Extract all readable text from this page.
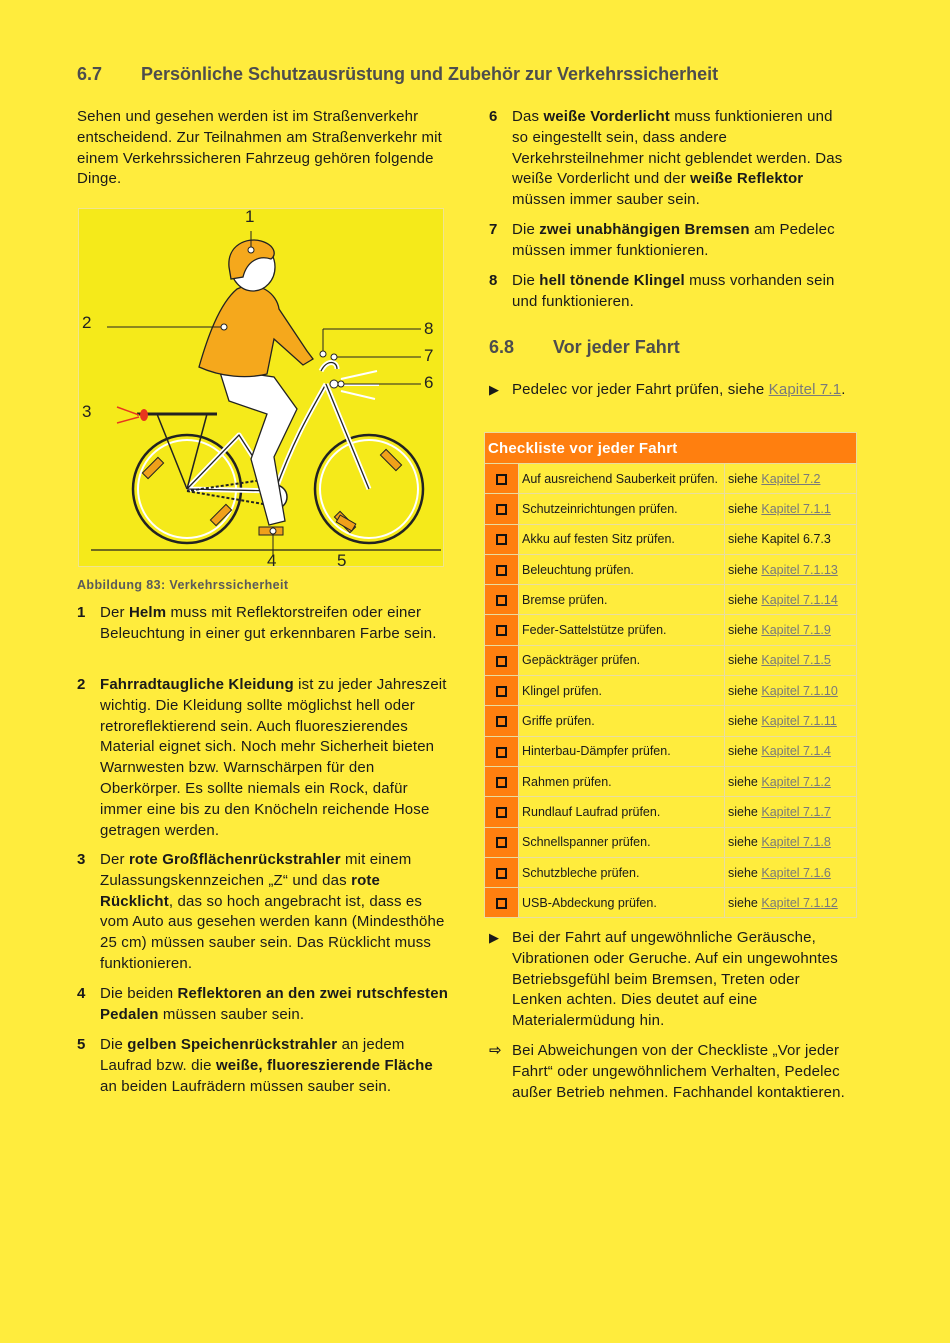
6.7 Persönliche Schutzausrüstung und Zubehör zur Verkehrssicherheit
Sehen und gesehen werden ist im Straßenverkehr entscheidend. Zur Teilnahmen am Straßenverkehr mit einem Verkehrssicheren Fahrzeug gehören folgende Dinge.
1
2
3
4	5
6
7
8
Abbildung 83: Verkehrssicherheit
1 Der Helm muss mit Reflektorstreifen oder einer Beleuchtung in einer gut erkennbaren Farbe sein.
2 Fahrradtaugliche Kleidung ist zu jeder Jahreszeit wichtig. Die Kleidung sollte möglichst hell oder retroreflektierend sein. Auch fluoreszierendes Material eignet sich. Noch mehr Sicherheit bieten Warnwesten bzw. Warnschärpen für den Oberkörper. Es sollte niemals ein Rock, dafür immer eine bis zu den Knöcheln reichende Hose getragen werden.
3 Der rote Großflächenrückstrahler mit einem Zulassungskennzeichen „Z“ und das rote Rücklicht, das so hoch angebracht ist, dass es vom Auto aus gesehen werden kann (Mindesthöhe 25 cm) müssen sauber sein. Das Rücklicht muss funktionieren.
4 Die beiden Reflektoren an den zwei rutschfesten Pedalen müssen sauber sein.
5 Die gelben Speichenrückstrahler an jedem Laufrad bzw. die weiße, fluoreszierende Fläche an beiden Laufrädern müssen sauber sein.
6 Das weiße Vorderlicht muss funktionieren und so eingestellt sein, dass andere Verkehrsteilnehmer nicht geblendet werden. Das weiße Vorderlicht und der weiße Reflektor müssen immer sauber sein.
7 Die zwei unabhängigen Bremsen am Pedelec müssen immer funktionieren.
8 Die hell tönende Klingel muss vorhanden sein und funktionieren.
6.8 Vor jeder Fahrt
▶ Pedelec vor jeder Fahrt prüfen, siehe Kapitel 7.1.
Checkliste vor jeder Fahrt		
	Auf ausreichend Sauberkeit prüfen.	siehe Kapitel 7.2
	Schutzeinrichtungen prüfen.	siehe Kapitel 7.1.1
	Akku auf festen Sitz prüfen.	siehe Kapitel 6.7.3
	Beleuchtung prüfen.	siehe Kapitel 7.1.13
	Bremse prüfen.	siehe Kapitel 7.1.14
	Feder-Sattelstütze prüfen.	siehe Kapitel 7.1.9
	Gepäckträger prüfen.	siehe Kapitel 7.1.5
	Klingel prüfen.	siehe Kapitel 7.1.10
	Griffe prüfen.	siehe Kapitel 7.1.11
	Hinterbau-Dämpfer prüfen.	siehe Kapitel 7.1.4
	Rahmen prüfen.	siehe Kapitel 7.1.2
	Rundlauf Laufrad prüfen.	siehe Kapitel 7.1.7
	Schnellspanner prüfen.	siehe Kapitel 7.1.8
	Schutzbleche prüfen.	siehe Kapitel 7.1.6
	USB-Abdeckung prüfen.	siehe Kapitel 7.1.12
▶ Bei der Fahrt auf ungewöhnliche Geräusche, Vibrationen oder Geruche. Auf ein ungewohntes Betriebsgefühl beim Bremsen, Treten oder Lenken achten. Dies deutet auf eine Materialermüdung hin.
⇨ Bei Abweichungen von der Checkliste „Vor jeder Fahrt“ oder ungewöhnlichem Verhalten, Pedelec außer Betrieb nehmen. Fachhandel kontaktieren.
